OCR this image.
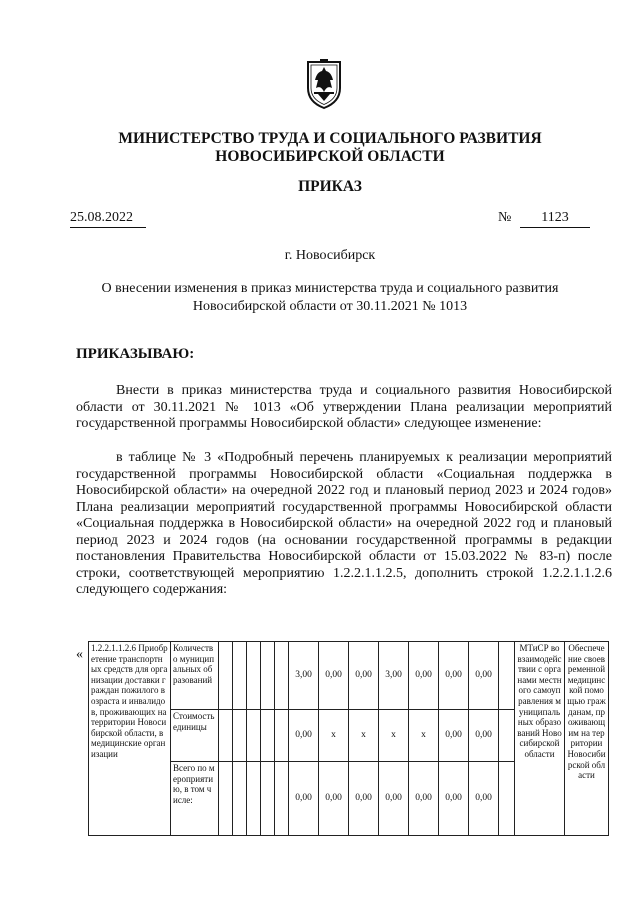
МИНИСТЕРСТВО ТРУДА И СОЦИАЛЬНОГО РАЗВИТИЯ
НОВОСИБИРСКОЙ ОБЛАСТИ
ПРИКАЗ
25.08.2022	№	1123
г. Новосибирск
О внесении изменения в приказ министерства труда и социального развития
Новосибирской области от 30.11.2021 № 1013
ПРИКАЗЫВАЮ:

Внести в приказ министерства труда и социального развития Новосибирской области от 30.11.2021 № 1013 «Об утверждении Плана реализации мероприятий государственной программы Новосибирской области» следующее изменение:

в таблице № 3 «Подробный перечень планируемых к реализации мероприятий государственной программы Новосибирской области «Социальная поддержка в Новосибирской области» на очередной 2022 год и плановый период 2023 и 2024 годов» Плана реализации мероприятий государственной программы Новосибирской области «Социальная поддержка в Новосибирской области» на очередной 2022 год и плановый период 2023 и 2024 годов (на основании государственной программы в редакции постановления Правительства Новосибирской области от 15.03.2022 № 83-п) после строки, соответствующей мероприятию 1.2.2.1.1.2.5, дополнить строкой 1.2.2.1.1.2.6 следующего содержания:

« 1.2.2.1.1.2.6 Приобретение транспортных средств для организации доставки граждан пожилого возраста и инвалидов, проживающих на территории Новосибирской области, в медицинские организации	Количество муниципальных образований						3,00	0,00	0,00	3,00	0,00	0,00	0,00		МТиСР во взаимодействии с органами местного самоуправления муниципальных образований Новосибирской области	Обеспечение своевременной медицинской помощью гражданам, проживающим на территории Новосибирской области
	Стоимость единицы						0,00	x	x	x	x	0,00	0,00			
	Всего по мероприятию, в том числе:						0,00	0,00	0,00	0,00	0,00	0,00	0,00			
